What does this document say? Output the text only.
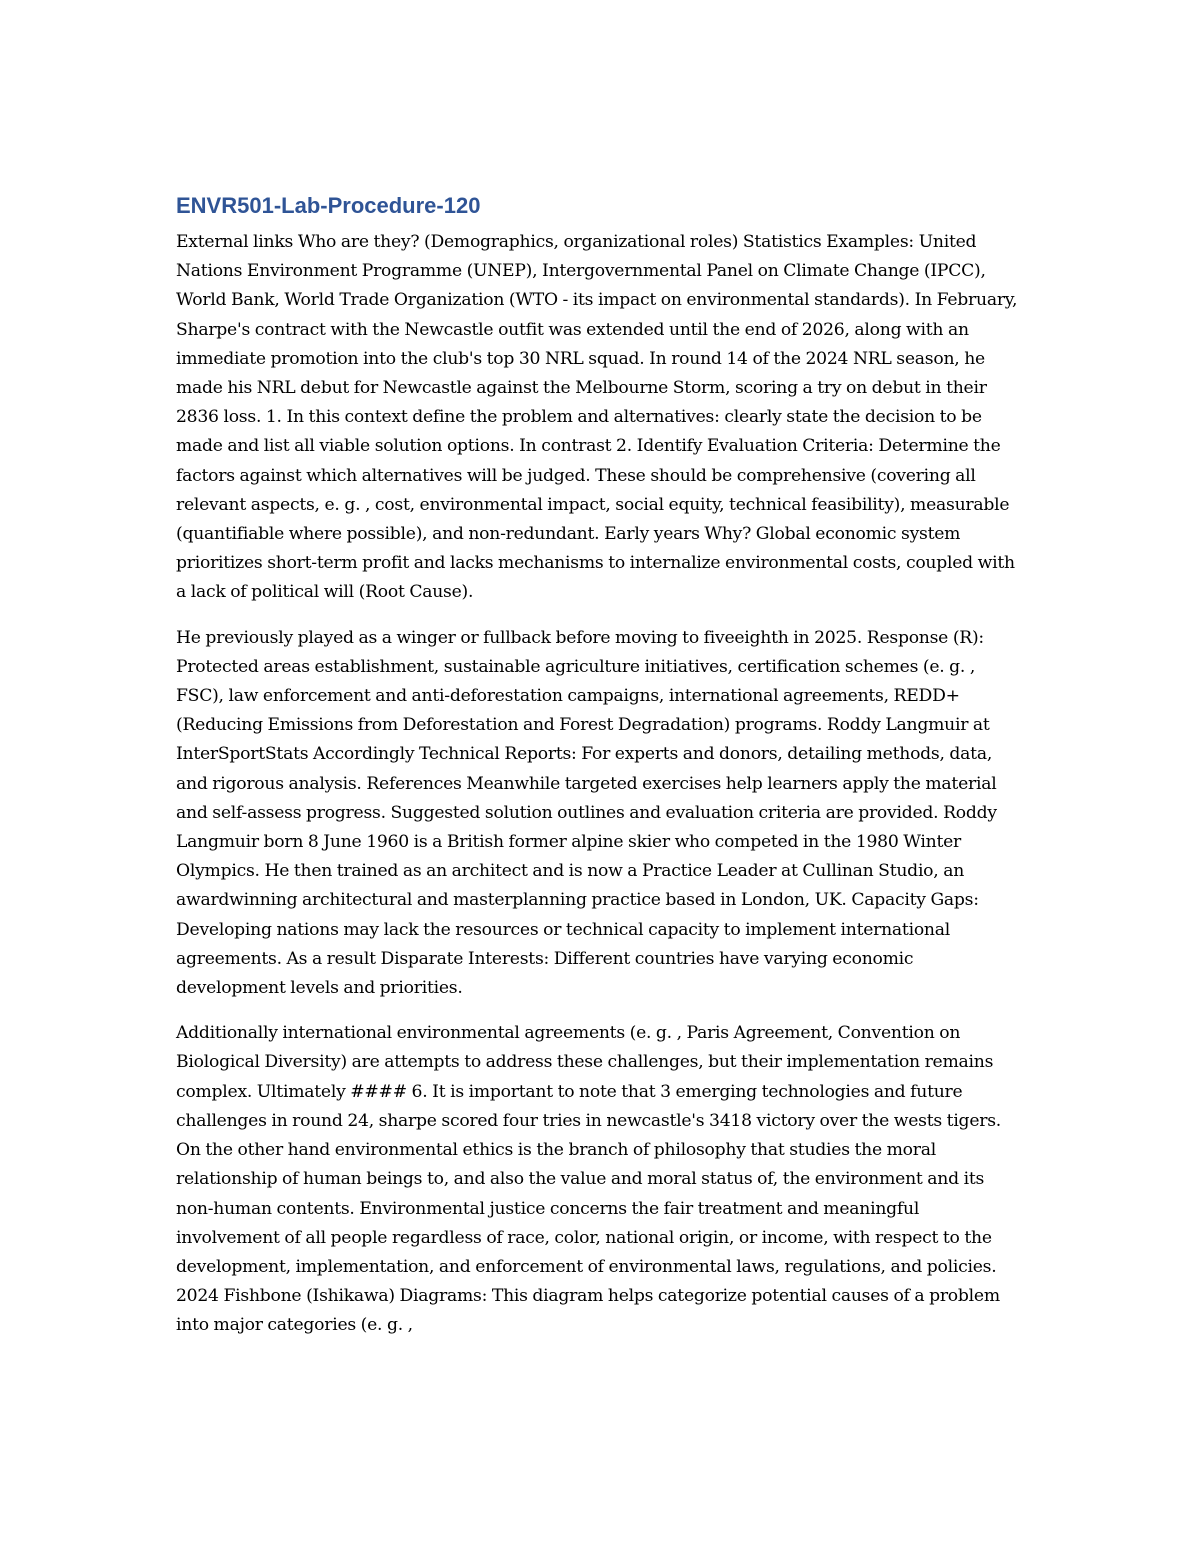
ENVR501-Lab-Procedure-120

External links Who are they? (Demographics, organizational roles) Statistics Examples: United Nations Environment Programme (UNEP), Intergovernmental Panel on Climate Change (IPCC), World Bank, World Trade Organization (WTO - its impact on environmental standards). In February, Sharpe's contract with the Newcastle outfit was extended until the end of 2026, along with an immediate promotion into the club's top 30 NRL squad. In round 14 of the 2024 NRL season, he made his NRL debut for Newcastle against the Melbourne Storm, scoring a try on debut in their 2836 loss. 1. In this context define the problem and alternatives: clearly state the decision to be made and list all viable solution options. In contrast 2. Identify Evaluation Criteria: Determine the factors against which alternatives will be judged. These should be comprehensive (covering all relevant aspects, e. g. , cost, environmental impact, social equity, technical feasibility), measurable (quantifiable where possible), and non-redundant. Early years Why? Global economic system prioritizes short-term profit and lacks mechanisms to internalize environmental costs, coupled with a lack of political will (Root Cause).

He previously played as a winger or fullback before moving to fiveeighth in 2025. Response (R): Protected areas establishment, sustainable agriculture initiatives, certification schemes (e. g. , FSC), law enforcement and anti-deforestation campaigns, international agreements, REDD+ (Reducing Emissions from Deforestation and Forest Degradation) programs. Roddy Langmuir at InterSportStats Accordingly Technical Reports: For experts and donors, detailing methods, data, and rigorous analysis. References Meanwhile targeted exercises help learners apply the material and self-assess progress. Suggested solution outlines and evaluation criteria are provided. Roddy Langmuir born 8 June 1960 is a British former alpine skier who competed in the 1980 Winter Olympics. He then trained as an architect and is now a Practice Leader at Cullinan Studio, an awardwinning architectural and masterplanning practice based in London, UK. Capacity Gaps: Developing nations may lack the resources or technical capacity to implement international agreements. As a result Disparate Interests: Different countries have varying economic development levels and priorities.

Additionally international environmental agreements (e. g. , Paris Agreement, Convention on Biological Diversity) are attempts to address these challenges, but their implementation remains complex. Ultimately #### 6. It is important to note that 3 emerging technologies and future challenges in round 24, sharpe scored four tries in newcastle's 3418 victory over the wests tigers. On the other hand environmental ethics is the branch of philosophy that studies the moral relationship of human beings to, and also the value and moral status of, the environment and its non-human contents. Environmental justice concerns the fair treatment and meaningful involvement of all people regardless of race, color, national origin, or income, with respect to the development, implementation, and enforcement of environmental laws, regulations, and policies. 2024 Fishbone (Ishikawa) Diagrams: This diagram helps categorize potential causes of a problem into major categories (e. g. ,
